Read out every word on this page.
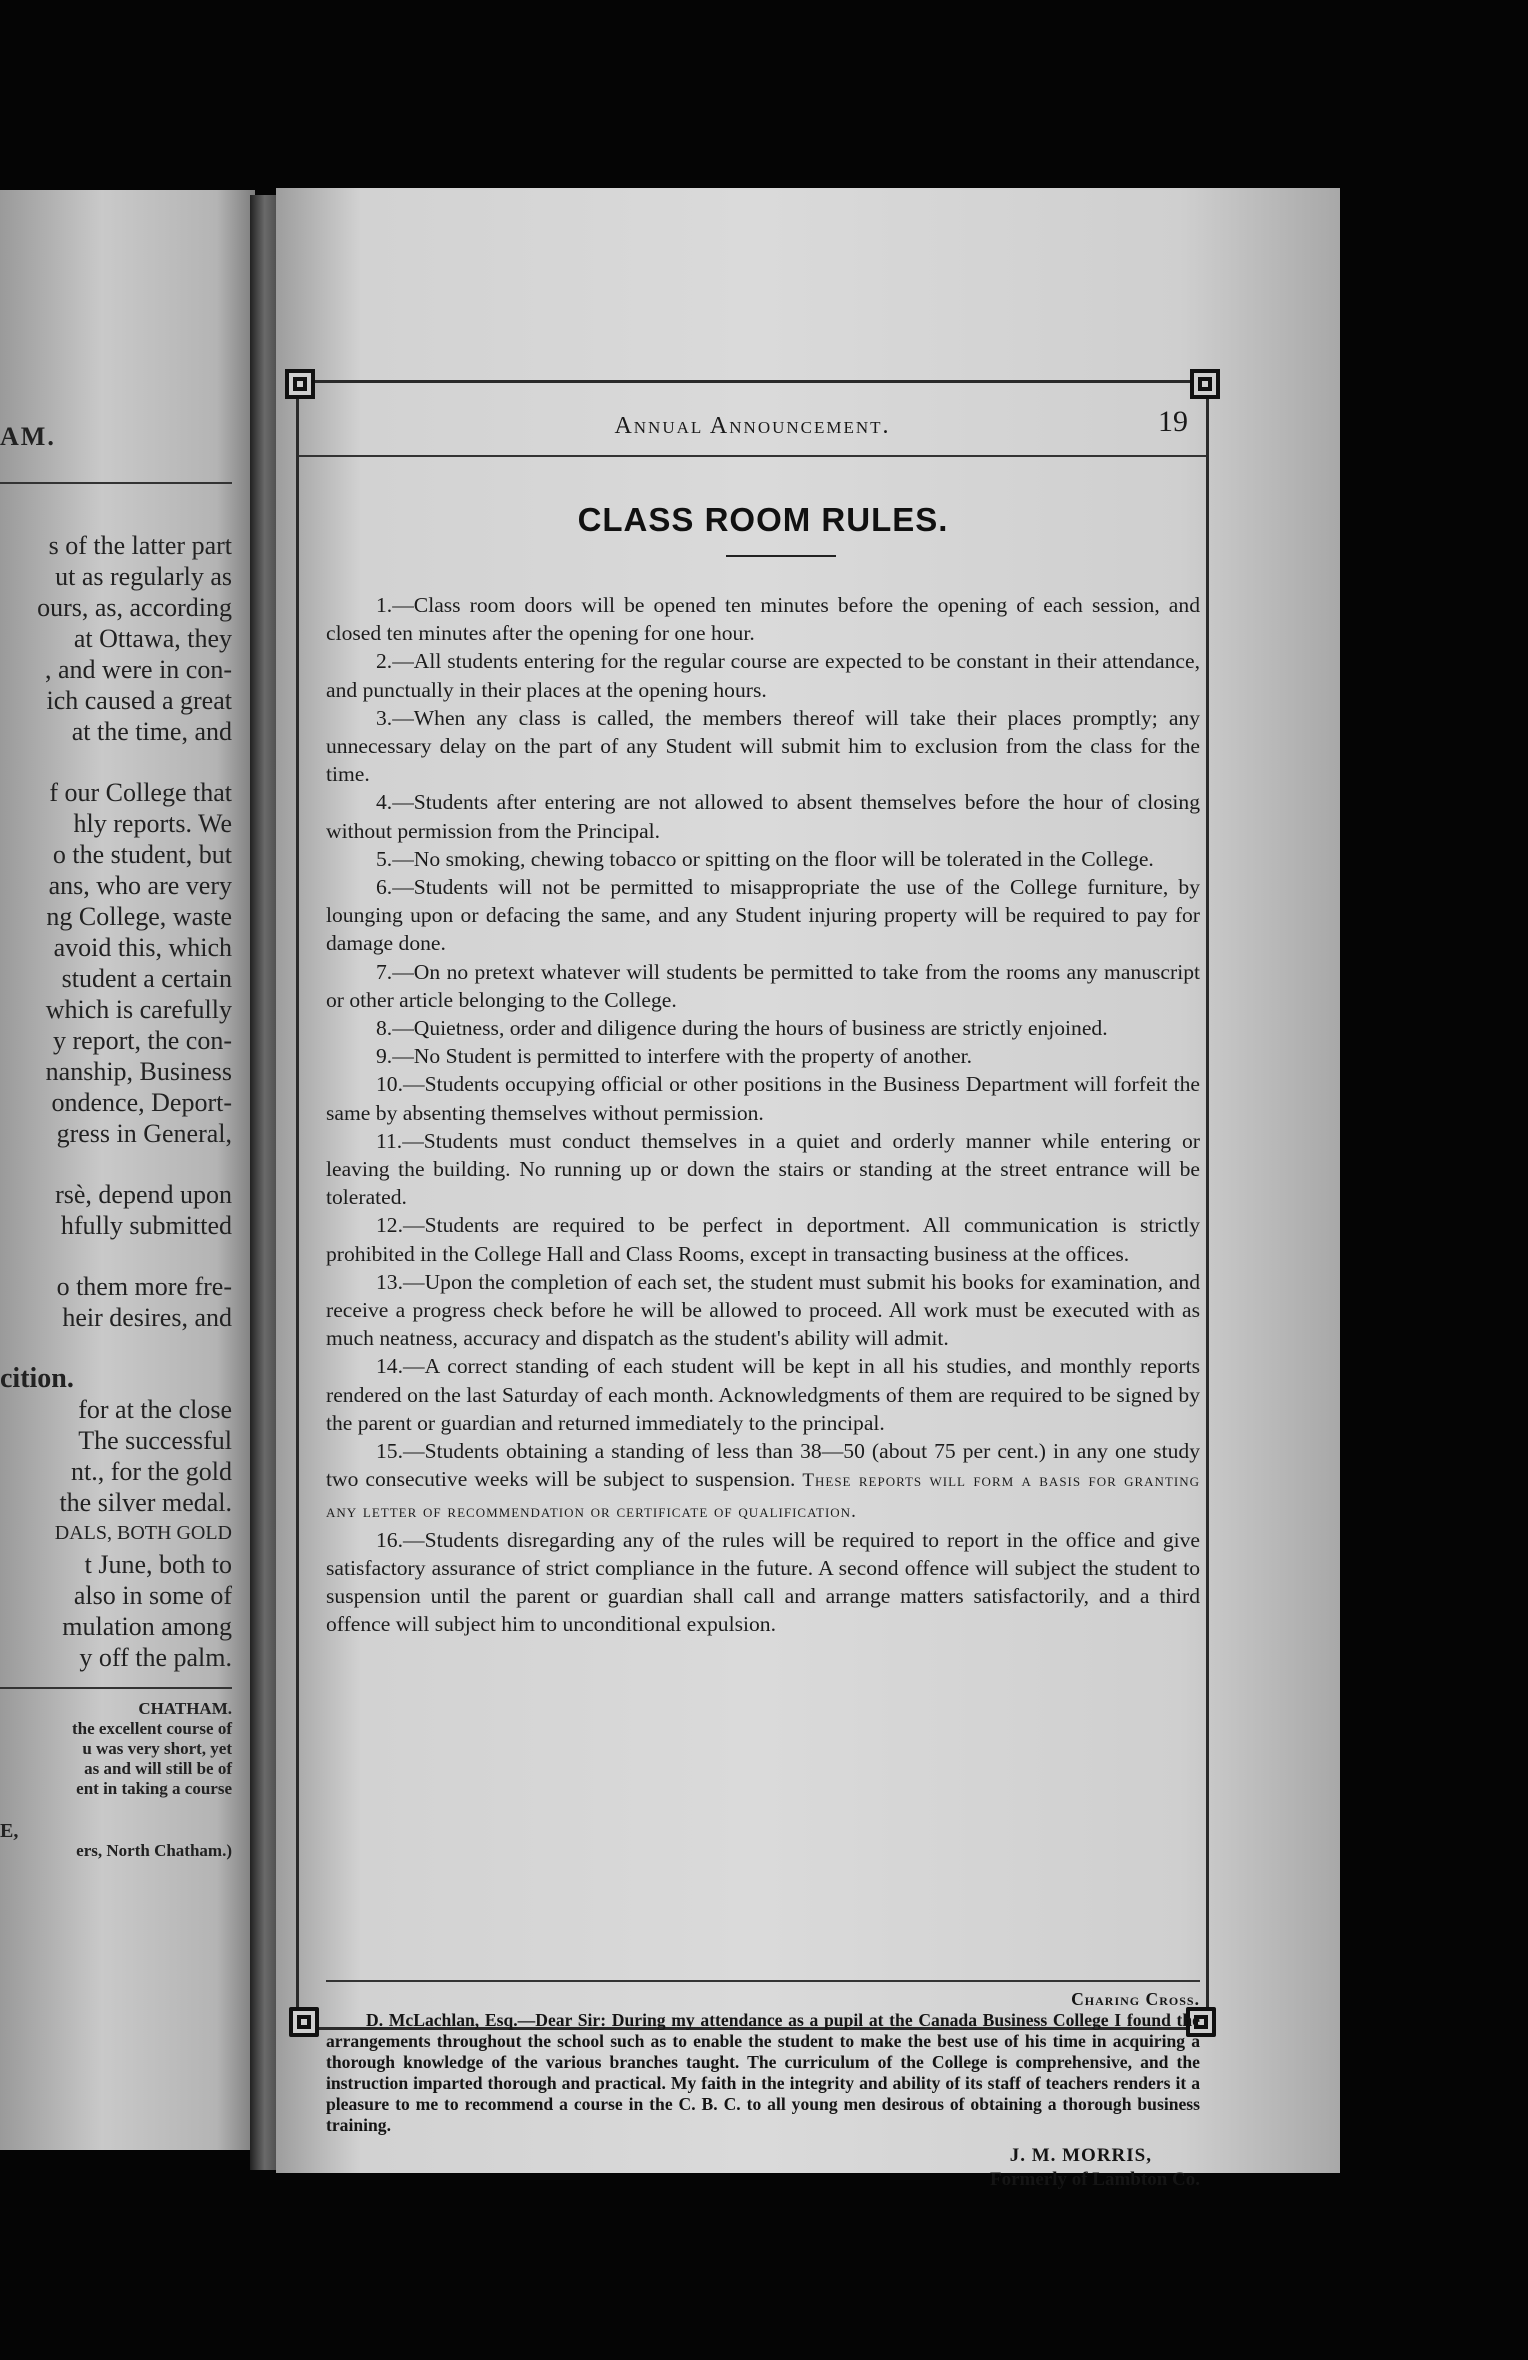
AM.
s of the latter part
ut as regularly as
ours, as, according
at Ottawa, they
, and were in con-
ich caused a great
at the time, and
f our College that
hly reports. We
o the student, but
ans, who are very
ng College, waste
avoid this, which
student a certain
which is carefully
y report, the con-
nanship, Business
ondence, Deport-
gress in General,
rsè, depend upon
hfully submitted
o them more fre-
heir desires, and
cition.
for at the close
The successful
nt., for the gold
the silver medal.
DALS, BOTH GOLD
t June, both to
also in some of
mulation among
y off the palm.
CHATHAM.
the excellent course of
u was very short, yet
as and will still be of
ent in taking a course
E,
ers, North Chatham.)
Annual Announcement.	19
CLASS ROOM RULES.

1.—Class room doors will be opened ten minutes before the opening of each session, and closed ten minutes after the opening for one hour.

2.—All students entering for the regular course are expected to be constant in their attendance, and punctually in their places at the opening hours.

3.—When any class is called, the members thereof will take their places promptly; any unnecessary delay on the part of any Student will submit him to exclusion from the class for the time.

4.—Students after entering are not allowed to absent themselves before the hour of closing without permission from the Principal.

5.—No smoking, chewing tobacco or spitting on the floor will be tolerated in the College.

6.—Students will not be permitted to misappropriate the use of the College furniture, by lounging upon or defacing the same, and any Student injuring property will be required to pay for damage done.

7.—On no pretext whatever will students be permitted to take from the rooms any manuscript or other article belonging to the College.

8.—Quietness, order and diligence during the hours of business are strictly enjoined.

9.—No Student is permitted to interfere with the property of another.

10.—Students occupying official or other positions in the Business Department will forfeit the same by absenting themselves without permission.

11.—Students must conduct themselves in a quiet and orderly manner while entering or leaving the building. No running up or down the stairs or standing at the street entrance will be tolerated.

12.—Students are required to be perfect in deportment. All communication is strictly prohibited in the College Hall and Class Rooms, except in transacting business at the offices.

13.—Upon the completion of each set, the student must submit his books for examination, and receive a progress check before he will be allowed to proceed. All work must be executed with as much neatness, accuracy and dispatch as the student's ability will admit.

14.—A correct standing of each student will be kept in all his studies, and monthly reports rendered on the last Saturday of each month. Acknowledgments of them are required to be signed by the parent or guardian and returned immediately to the principal.

15.—Students obtaining a standing of less than 38—50 (about 75 per cent.) in any one study two consecutive weeks will be subject to suspension. These reports will form a basis for granting any letter of recommendation or certificate of qualification.

16.—Students disregarding any of the rules will be required to report in the office and give satisfactory assurance of strict compliance in the future. A second offence will subject the student to suspension until the parent or guardian shall call and arrange matters satisfactorily, and a third offence will subject him to unconditional expulsion.

Charing Cross.

D. McLachlan, Esq.—Dear Sir: During my attendance as a pupil at the Canada Business College I found the arrangements throughout the school such as to enable the student to make the best use of his time in acquiring a thorough knowledge of the various branches taught. The curriculum of the College is comprehensive, and the instruction imparted thorough and practical. My faith in the integrity and ability of its staff of teachers renders it a pleasure to me to recommend a course in the C. B. C. to all young men desirous of obtaining a thorough business training.

J. M. MORRIS,
Formerly of Lambton Co.
